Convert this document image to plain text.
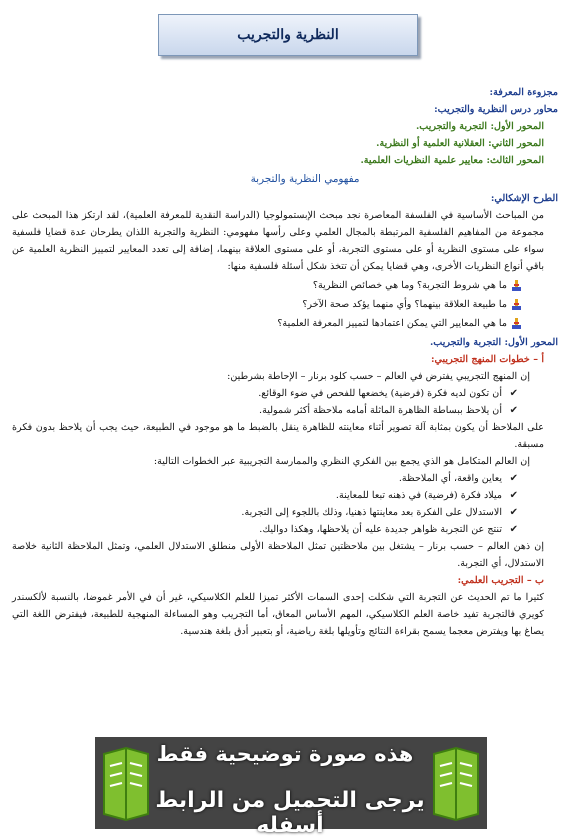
النظرية والتجريب

مجزوءة المعرفة:

محاور درس النظرية والتجريب:

المحور الأول: التجربة والتجريب.

المحور الثاني: العقلانية العلمية أو النظرية.

المحور الثالث: معايير علمية النظريات العلمية.

مفهومي النظرية والتجربة

الطرح الإشكالي:

من المباحث الأساسية في الفلسفة المعاصرة نجد مبحث الإبستمولوجيا (الدراسة النقدية للمعرفة العلمية)، لقد ارتكز هذا المبحث على مجموعة من المفاهيم الفلسفية المرتبطة بالمجال العلمي وعلى رأسها مفهومي: النظرية والتجربة اللذان يطرحان عدة قضايا فلسفية سواء على مستوى النظرية أو على مستوى التجربة، أو على مستوى العلاقة بينهما، إضافة إلى تعدد المعايير لتمييز النظرية العلمية عن باقي أنواع النظريات الأخرى، وهي قضايا يمكن أن تتخذ شكل أسئلة فلسفية منها:

ما هي شروط التجربة؟ وما هي خصائص النظرية؟
ما طبيعة العلاقة بينهما؟ وأي منهما يؤكد صحة الآخر؟
ما هي المعايير التي يمكن اعتمادها لتمييز المعرفة العلمية؟

المحور الأول: التجربة والتجريب.

أ – خطوات المنهج التجريبي:

إن المنهج التجريبي يفترض في العالم – حسب كلود برنار – الإحاطة بشرطين:

✔
أن تكون لديه فكرة (فرضية) يخضعها للفحص في ضوء الوقائع.
✔
أن يلاحظ ببساطة الظاهرة الماثلة أمامه ملاحظة أكثر شمولية.

على الملاحظ أن يكون بمثابة آلة تصوير أثناء معاينته للظاهرة ينقل بالضبط ما هو موجود في الطبيعة، حيث يجب أن يلاحظ بدون فكرة مسبقة.

إن العالم المتكامل هو الذي يجمع بين الفكري النظري والممارسة التجريبية عبر الخطوات التالية:

✔
يعاين واقعة، أي الملاحظة.
✔
ميلاد فكرة (فرضية) في ذهنه تبعا للمعاينة.
✔
الاستدلال على الفكرة بعد معاينتها ذهنيا، وذلك باللجوء إلى التجربة.
✔
تنتج عن التجربة ظواهر جديدة عليه أن يلاحظها، وهكذا دواليك.

إن ذهن العالم – حسب برنار – يشتغل بين ملاحظتين تمثل الملاحظة الأولى منطلق الاستدلال العلمي، وتمثل الملاحظة الثانية خلاصة الاستدلال، أي التجربة.

ب – التجريب العلمي:

كثيرا ما تم الحديث عن التجربة التي شكلت إحدى السمات الأكثر تميزا للعلم الكلاسيكي، غير أن في الأمر غموضا، بالنسبة لألكسندر كويري فالتجربة تفيد خاصة العلم الكلاسيكي، المهم الأساس المعاق، أما التجريب وهو المساءلة المنهجية للطبيعة، فيفترض اللغة التي يصاغ بها ويفترض معجما يسمح بقراءة النتائج وتأويلها بلغة رياضية، أو بتعبير أدق بلغة هندسية.

هذه صورة توضيحية فقط
يرجى التحميل من الرابط أسفله
